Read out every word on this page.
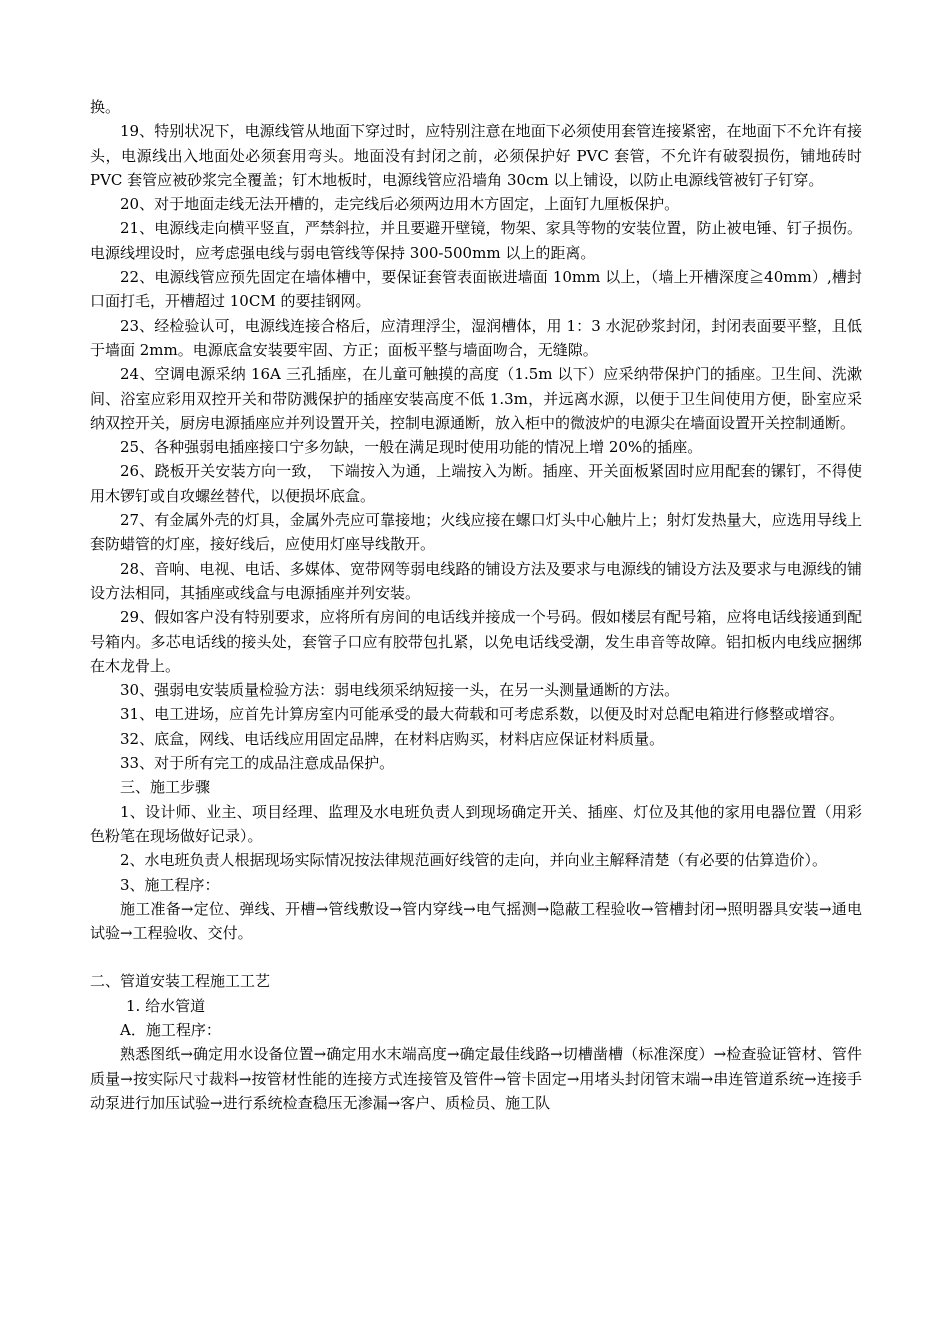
换。

19、特别状况下，电源线管从地面下穿过时，应特别注意在地面下必须使用套管连接紧密，在地面下不允许有接头，电源线出入地面处必须套用弯头。地面没有封闭之前，必须保护好 PVC 套管，不允许有破裂损伤，铺地砖时 PVC 套管应被砂浆完全覆盖；钉木地板时，电源线管应沿墙角 30cm 以上铺设，以防止电源线管被钉子钉穿。

20、对于地面走线无法开槽的，走完线后必须两边用木方固定，上面钉九厘板保护。

21、电源线走向横平竖直，严禁斜拉，并且要避开壁镜，物架、家具等物的安装位置，防止被电锤、钉子损伤。电源线埋设时，应考虑强电线与弱电管线等保持 300-500mm 以上的距离。

22、电源线管应预先固定在墙体槽中，要保证套管表面嵌进墙面 10mm 以上，（墙上开槽深度≧40mm）,槽封口面打毛，开槽超过 10CM 的要挂钢网。

23、经检验认可，电源线连接合格后，应清理浮尘，湿润槽体，用 1：3 水泥砂浆封闭，封闭表面要平整，且低于墙面 2mm。电源底盒安装要牢固、方正；面板平整与墙面吻合，无缝隙。

24、空调电源采纳 16A 三孔插座，在儿童可触摸的高度（1.5m 以下）应采纳带保护门的插座。卫生间、洗漱间、浴室应彩用双控开关和带防溅保护的插座安装高度不低 1.3m，并远离水源，以便于卫生间使用方便，卧室应采纳双控开关，厨房电源插座应并列设置开关，控制电源通断，放入柜中的微波炉的电源尖在墙面设置开关控制通断。

25、各种强弱电插座接口宁多勿缺，一般在满足现时使用功能的情况上增 20%的插座。

26、跷板开关安装方向一致，　下端按入为通，上端按入为断。插座、开关面板紧固时应用配套的镙钉，不得使用木锣钉或自攻螺丝替代，以便损坏底盒。

27、有金属外壳的灯具，金属外壳应可靠接地；火线应接在螺口灯头中心触片上；射灯发热量大，应选用导线上套防蜡管的灯座，接好线后，应使用灯座导线散开。

28、音响、电视、电话、多媒体、宽带网等弱电线路的铺设方法及要求与电源线的铺设方法及要求与电源线的铺设方法相同，其插座或线盒与电源插座并列安装。

29、假如客户没有特别要求，应将所有房间的电话线并接成一个号码。假如楼层有配号箱，应将电话线接通到配号箱内。多芯电话线的接头处，套管子口应有胶带包扎紧，以免电话线受潮，发生串音等故障。铝扣板内电线应捆绑在木龙骨上。

30、强弱电安装质量检验方法：弱电线须采纳短接一头，在另一头测量通断的方法。

31、电工进场，应首先计算房室内可能承受的最大荷载和可考虑系数，以便及时对总配电箱进行修整或增容。

32、底盒，网线、电话线应用固定品牌，在材料店购买，材料店应保证材料质量。

33、对于所有完工的成品注意成品保护。

三、施工步骤

1、设计师、业主、项目经理、监理及水电班负责人到现场确定开关、插座、灯位及其他的家用电器位置（用彩色粉笔在现场做好记录）。

2、水电班负责人根据现场实际情况按法律规范画好线管的走向，并向业主解释清楚（有必要的估算造价）。

3、施工程序：

施工准备→定位、弹线、开槽→管线敷设→管内穿线→电气摇测→隐蔽工程验收→管槽封闭→照明器具安装→通电试验→工程验收、交付。

二、管道安装工程施工工艺

1. 给水管道

A．施工程序：

熟悉图纸→确定用水设备位置→确定用水末端高度→确定最佳线路→切槽凿槽（标准深度）→检查验证管材、管件质量→按实际尺寸裁料→按管材性能的连接方式连接管及管件→管卡固定→用堵头封闭管末端→串连管道系统→连接手动泵进行加压试验→进行系统检查稳压无渗漏→客户、质检员、施工队
